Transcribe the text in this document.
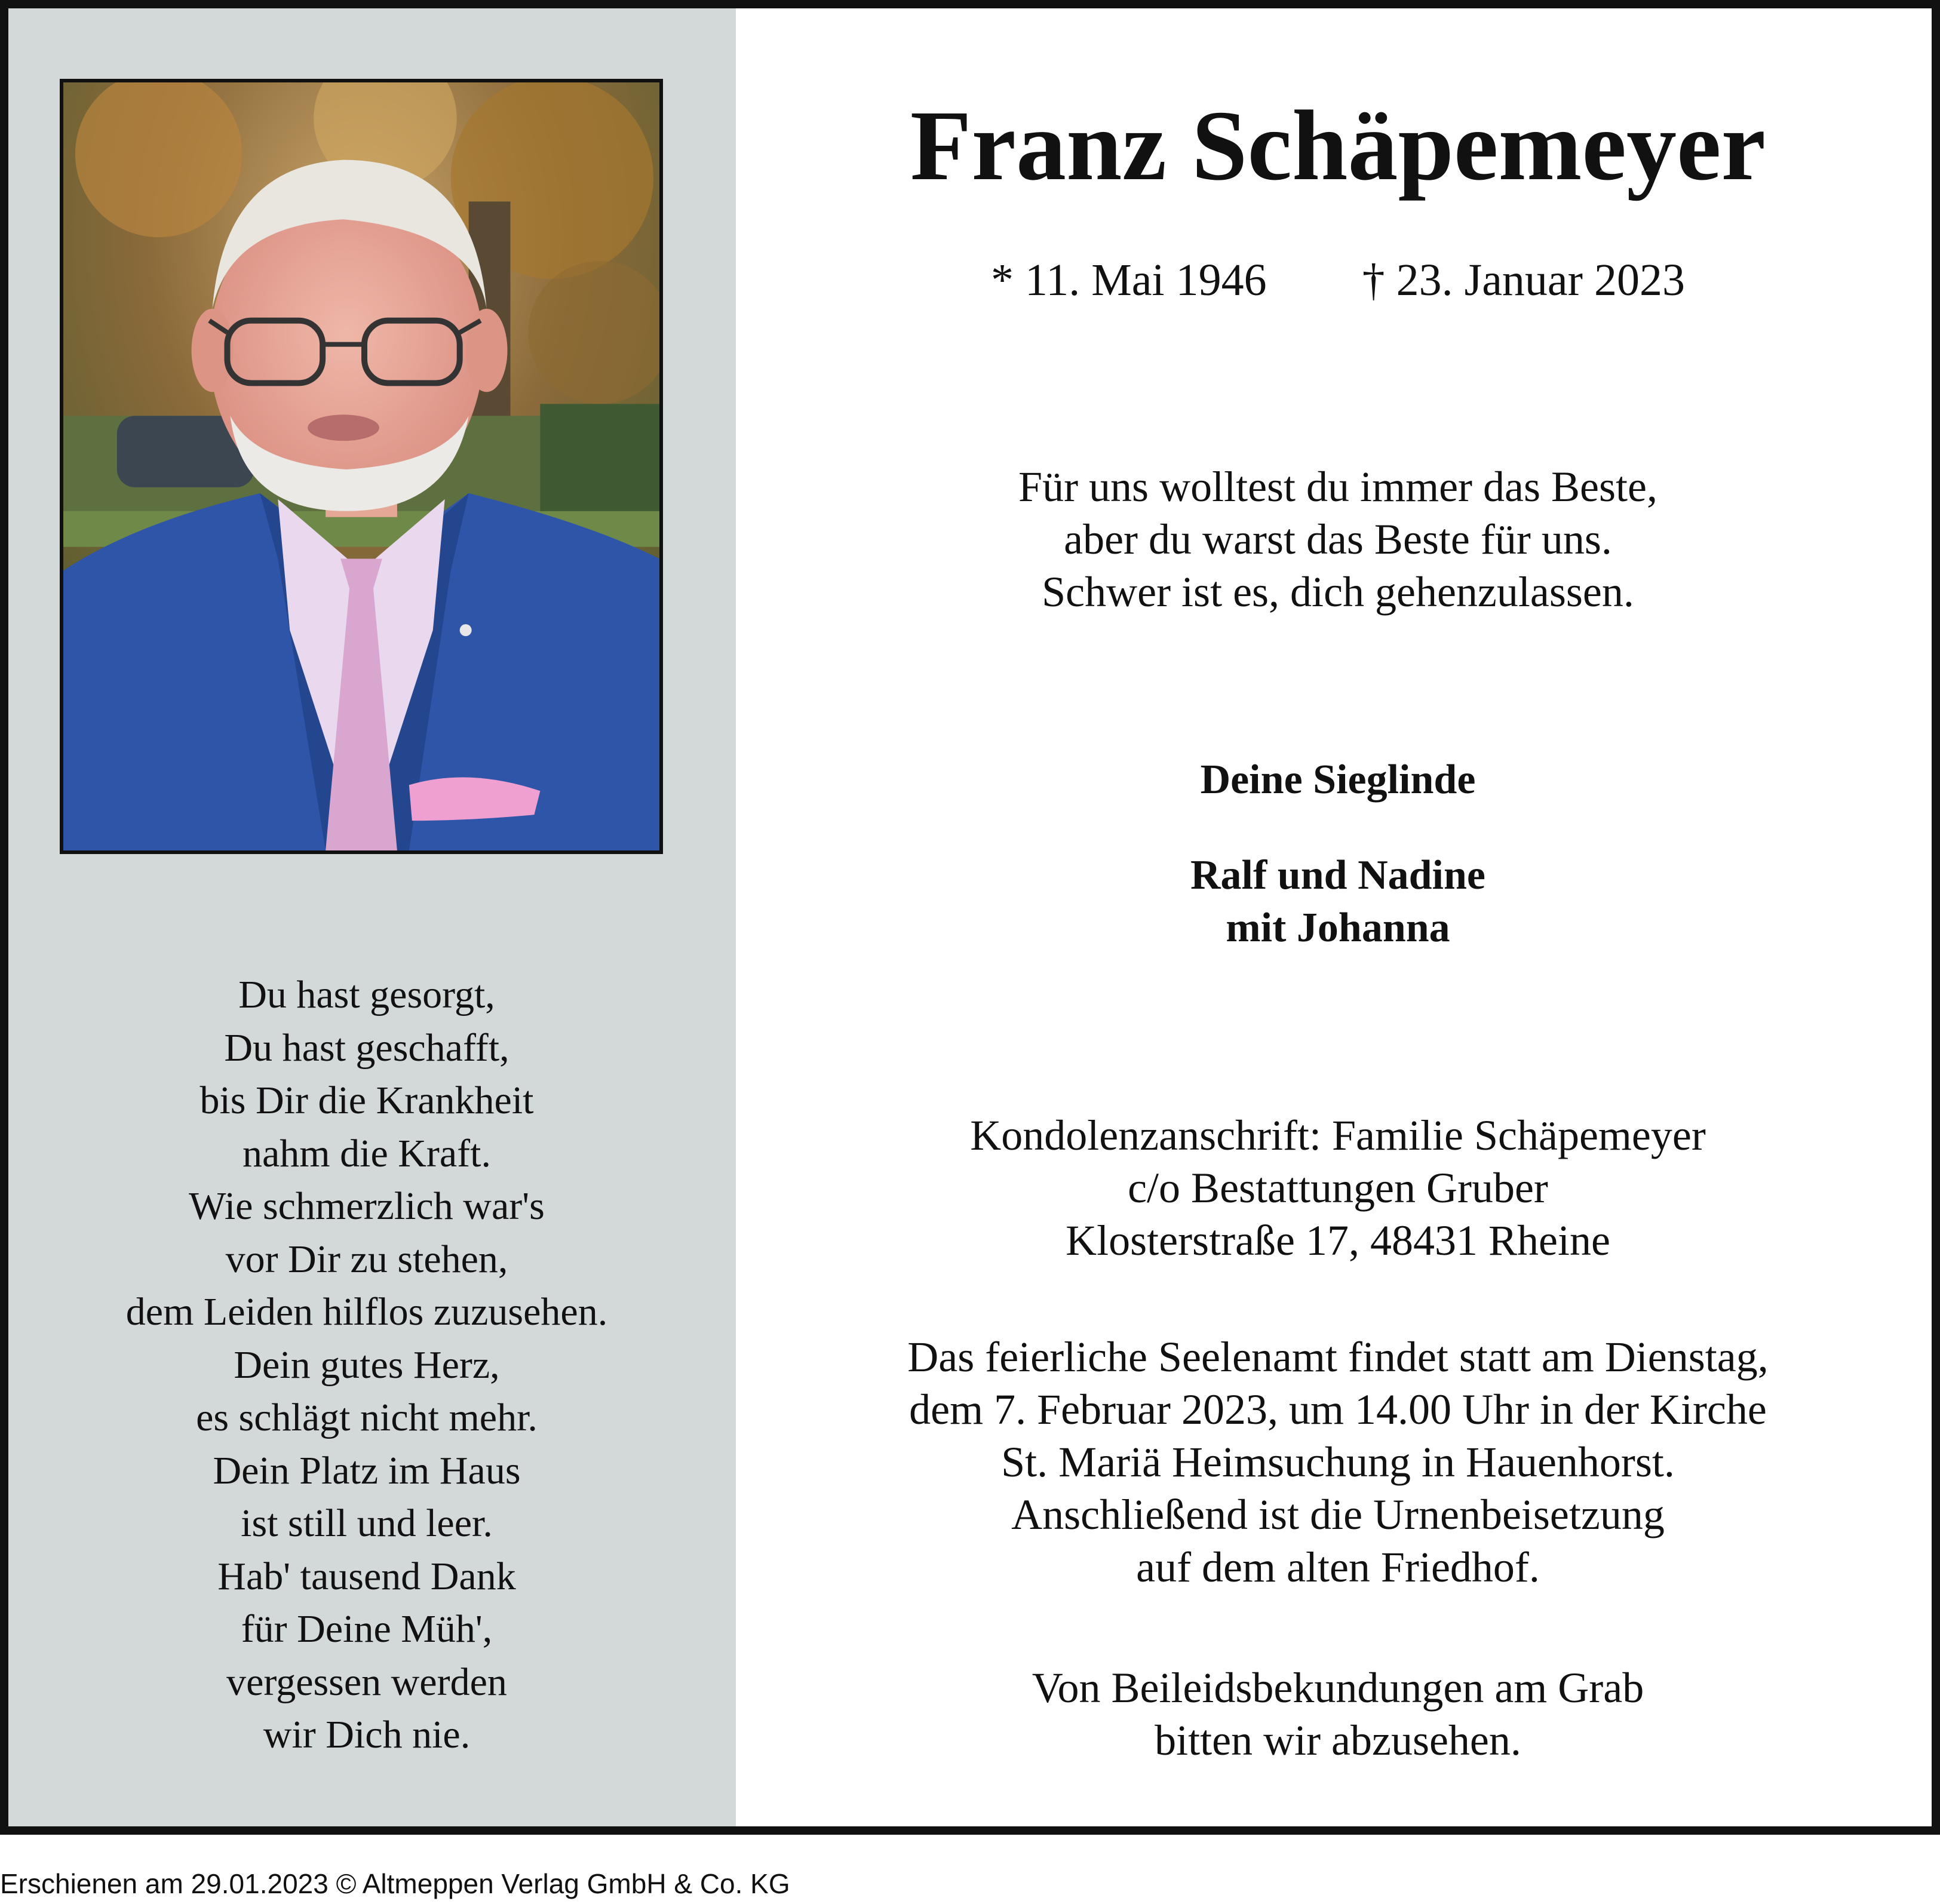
Du hast gesorgt,
Du hast geschafft,
bis Dir die Krankheit
nahm die Kraft.
Wie schmerzlich war's
vor Dir zu stehen,
dem Leiden hilflos zuzusehen.
Dein gutes Herz,
es schlägt nicht mehr.
Dein Platz im Haus
ist still und leer.
Hab' tausend Dank
für Deine Müh',
vergessen werden
wir Dich nie.
Franz Schäpemeyer
* 11. Mai 1946 † 23. Januar 2023
Für uns wolltest du immer das Beste,
aber du warst das Beste für uns.
Schwer ist es, dich gehenzulassen.
Deine Sieglinde
Ralf und Nadine
mit Johanna
Kondolenzanschrift: Familie Schäpemeyer
c/o Bestattungen Gruber
Klosterstraße 17, 48431 Rheine
Das feierliche Seelenamt findet statt am Dienstag,
dem 7. Februar 2023, um 14.00 Uhr in der Kirche
St. Mariä Heimsuchung in Hauenhorst.
Anschließend ist die Urnenbeisetzung
auf dem alten Friedhof.
Von Beileidsbekundungen am Grab
bitten wir abzusehen.
Erschienen am 29.01.2023 © Altmeppen Verlag GmbH & Co. KG
